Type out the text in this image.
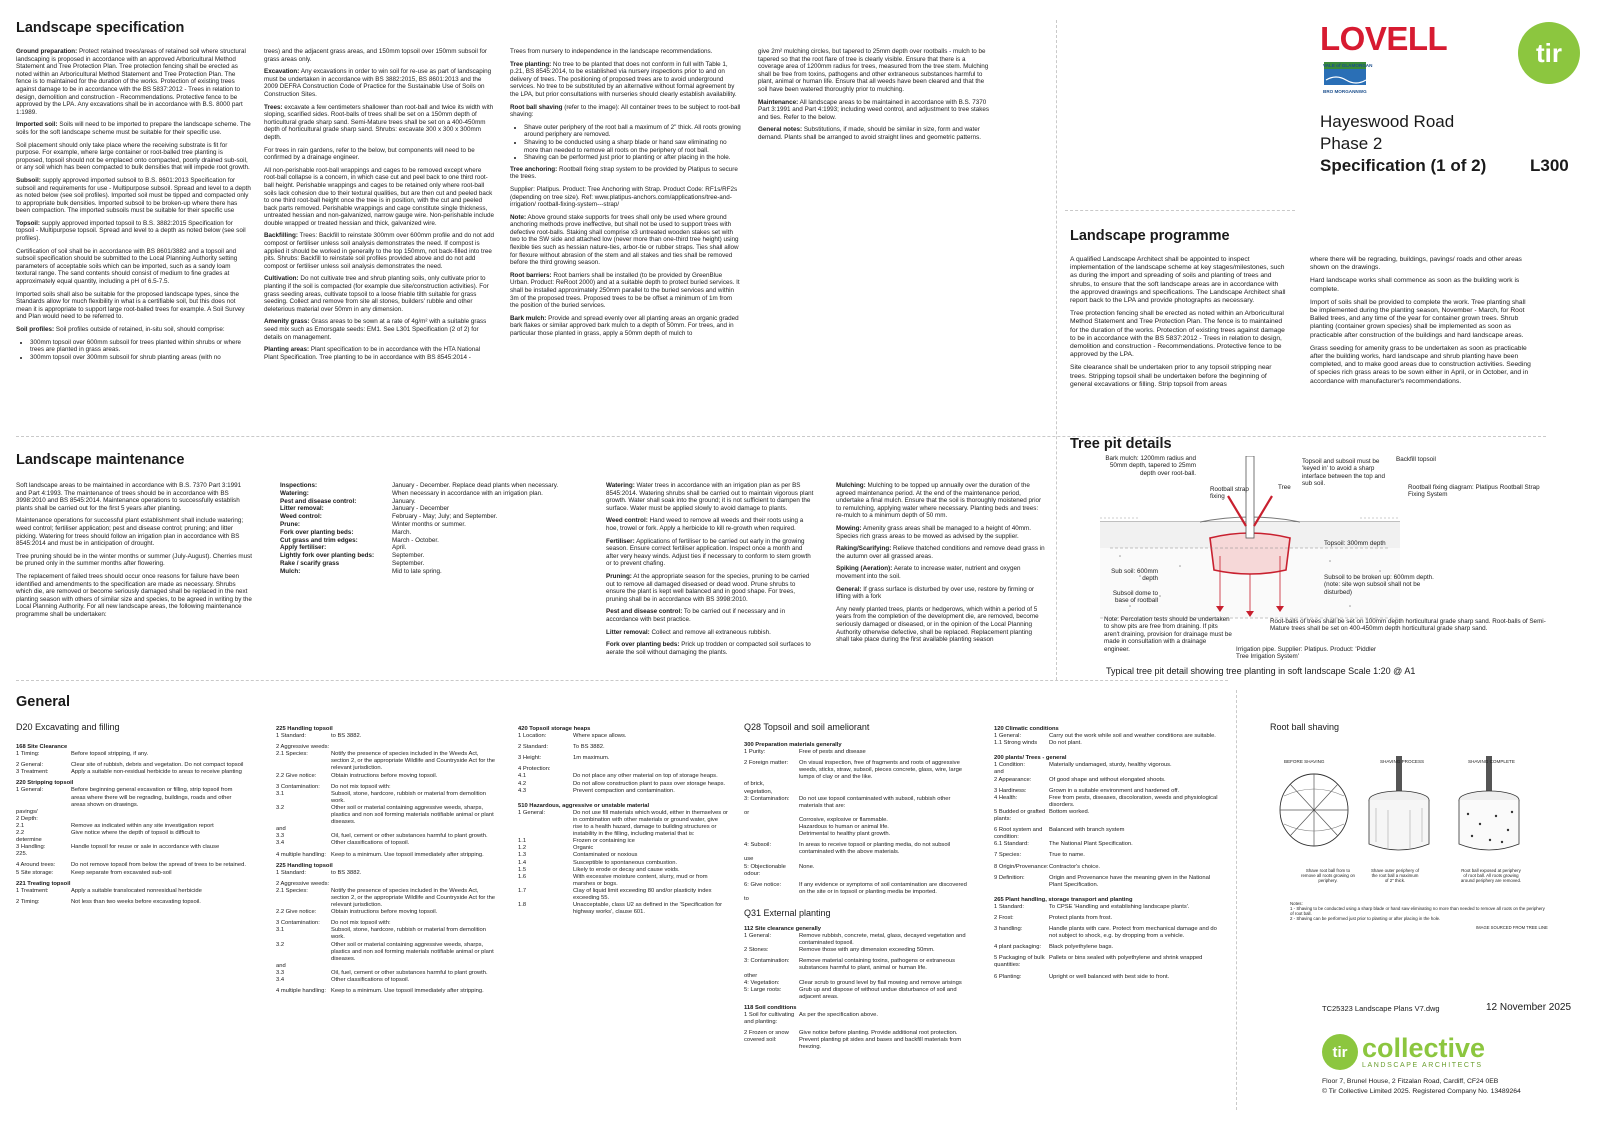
Landscape specification

Ground preparation: Protect retained trees/areas of retained soil where structural landscaping is proposed in accordance with an approved Arboricultural Method Statement and Tree Protection Plan. Tree protection fencing shall be erected as noted within an Arboricultural Method Statement and Tree Protection Plan. The fence is to maintained for the duration of the works. Protection of existing trees against damage to be in accordance with the BS 5837:2012 - Trees in relation to design, demolition and construction - Recommendations. Protective fence to be approved by the LPA. Any excavations shall be in accordance with B.S. 8000 part 1:1989.

Imported soil: Soils will need to be imported to prepare the landscape scheme. The soils for the soft landscape scheme must be suitable for their specific use.

Soil placement should only take place where the receiving substrate is fit for purpose. For example, where large container or root-balled tree planting is proposed, topsoil should not be emplaced onto compacted, poorly drained sub-soil, or any soil which has been compacted to bulk densities that will impede root growth.

Subsoil: supply approved imported subsoil to B.S. 8601:2013 Specification for subsoil and requirements for use - Multipurpose subsoil. Spread and level to a depth as noted below (see soil profiles). Imported soil must be tipped and compacted only to appropriate bulk densities. Imported subsoil to be broken-up where there has been compaction. The imported subsoils must be suitable for their specific use

Topsoil: supply approved imported topsoil to B.S. 3882:2015 Specification for topsoil - Multipurpose topsoil. Spread and level to a depth as noted below (see soil profiles).

Certification of soil shall be in accordance with BS 8601/3882 and a topsoil and subsoil specification should be submitted to the Local Planning Authority setting parameters of acceptable soils which can be imported, such as a sandy loam textural range. The sand contents should consist of medium to fine grades at approximately equal quantity, including a pH of 6.5-7.5.

Imported soils shall also be suitable for the proposed landscape types, since the Standards allow for much flexibility in what is a certifiable soil, but this does not mean it is appropriate to support large root-balled trees for example. A Soil Survey and Plan would need to be referred to.

Soil profiles: Soil profiles outside of retained, in-situ soil, should comprise:

• 300mm topsoil over 600mm subsoil for trees planted within shrubs or where trees are planted in grass areas.
• 300mm topsoil over 300mm subsoil for shrub planting areas (with no

trees) and the adjacent grass areas, and 150mm topsoil over 150mm subsoil for grass areas only.

Excavation: Any excavations in order to win soil for re-use as part of landscaping must be undertaken in accordance with BS 3882:2015, BS 8601:2013 and the 2009 DEFRA Construction Code of Practice for the Sustainable Use of Soils on Construction Sites.

Trees: excavate a few centimeters shallower than root-ball and twice its width with sloping, scarified sides. Root-balls of trees shall be set on a 150mm depth of horticultural grade sharp sand. Semi-Mature trees shall be set on a 400-450mm depth of horticultural grade sharp sand. Shrubs: excavate 300 x 300 x 300mm depth.

For trees in rain gardens, refer to the below, but components will need to be confirmed by a drainage engineer.

All non-perishable root-ball wrappings and cages to be removed except where root-ball collapse is a concern, in which case cut and peel back to one third root-ball height. Perishable wrappings and cages to be retained only where root-ball soils lack cohesion due to their textural qualities, but are then cut and peeled back to one third root-ball height once the tree is in position, with the cut and peeled back parts removed. Perishable wrappings and cage constitute single thickness, untreated hessian and non-galvanized, narrow gauge wire. Non-perishable include double wrapped or treated hessian and thick, galvanized wire.

Backfilling: Trees: Backfill to reinstate 300mm over 600mm profile and do not add compost or fertiliser unless soil analysis demonstrates the need. If compost is applied it should be worked in generally to the top 150mm, not back-filled into tree pits. Shrubs: Backfill to reinstate soil profiles provided above and do not add compost or fertiliser unless soil analysis demonstrates the need.

Cultivation: Do not cultivate tree and shrub planting soils, only cultivate prior to planting if the soil is compacted (for example due site/construction activities). For grass seeding areas, cultivate topsoil to a loose friable tilth suitable for grass seeding. Collect and remove from site all stones, builders' rubble and other deleterious material over 50mm in any dimension.

Amenity grass: Grass areas to be sown at a rate of 4g/m² with a suitable grass seed mix such as Emorsgate seeds: EM1. See L301 Specification (2 of 2) for details on management.

Planting areas: Plant specification to be in accordance with the HTA National Plant Specification. Tree planting to be in accordance with BS 8545:2014 -

Trees from nursery to independence in the landscape recommendations.

Tree planting: No tree to be planted that does not conform in full with Table 1, p.21, BS 8545:2014, to be established via nursery inspections prior to and on delivery of trees. The positioning of proposed trees are to avoid underground services. No tree to be substituted by an alternative without formal agreement by the LPA, but prior consultations with nurseries should clearly establish availability.

Root ball shaving (refer to the image): All container trees to be subject to root-ball shaving:

• Shave outer periphery of the root ball a maximum of 2" thick. All roots growing around periphery are removed.
• Shaving to be conducted using a sharp blade or hand saw eliminating no more than needed to remove all roots on the periphery of root ball.
• Shaving can be performed just prior to planting or after placing in the hole.

Tree anchoring: Rootball fixing strap system to be provided by Platipus to secure the trees.

Supplier: Platipus. Product: Tree Anchoring with Strap. Product Code: RF1s/RF2s (depending on tree size). Ref: www.platipus-anchors.com/applications/tree-and-irrigation/ rootball-fixing-system---strap/

Note: Above ground stake supports for trees shall only be used where ground anchoring methods prove ineffective, but shall not be used to support trees with defective root-balls. Staking shall comprise x3 untreated wooden stakes set with two to the SW side and attached low (never more than one-third tree height) using flexible ties such as hessian nature-ties, arbor-tie or rubber straps. Ties shall allow for flexure without abrasion of the stem and all stakes and ties shall be removed before the third growing season.

Root barriers: Root barriers shall be installed (to be provided by GreenBlue Urban. Product: ReRoot 2000) and at a suitable depth to protect buried services. It shall be installed approximately 250mm parallel to the buried services and within 3m of the proposed trees. Proposed trees to be be offset a minimum of 1m from the position of the buried services.

Bark mulch: Provide and spread evenly over all planting areas an organic graded bark flakes or similar approved bark mulch to a depth of 50mm. For trees, and in particular those planted in grass, apply a 50mm depth of mulch to

give 2m² mulching circles, but tapered to 25mm depth over rootballs - mulch to be tapered so that the root flare of tree is clearly visible. Ensure that there is a coverage area of 1200mm radius for trees, measured from the tree stem. Mulching shall be free from toxins, pathogens and other extraneous substances harmful to plant, animal or human life. Ensure that all weeds have been cleared and that the soil have been watered thoroughly prior to mulching.

Maintenance: All landscape areas to be maintained in accordance with B.S. 7370 Part 3:1991 and Part 4:1993; including weed control, and adjustment to tree stakes and ties. Refer to the below.

General notes: Substitutions, if made, should be similar in size, form and water demand. Plants shall be arranged to avoid straight lines and geometric patterns.

Landscape programme

A qualified Landscape Architect shall be appointed to inspect implementation of the landscape scheme at key stages/milestones, such as during the import and spreading of soils and planting of trees and shrubs, to ensure that the soft landscape areas are in accordance with the approved drawings and specifications. The Landscape Architect shall report back to the LPA and provide photographs as necessary.

Tree protection fencing shall be erected as noted within an Arboricultural Method Statement and Tree Protection Plan. The fence is to maintained for the duration of the works. Protection of existing trees against damage to be in accordance with the BS 5837:2012 - Trees in relation to design, demolition and construction - Recommendations. Protective fence to be approved by the LPA.

Site clearance shall be undertaken prior to any topsoil stripping near trees. Stripping topsoil shall be undertaken before the beginning of general excavations or filling. Strip topsoil from areas

where there will be regrading, buildings, pavings/ roads and other areas shown on the drawings.

Hard landscape works shall commence as soon as the building work is complete.

Import of soils shall be provided to complete the work. Tree planting shall be implemented during the planting season, November - March, for Root Balled trees, and any time of the year for container grown trees. Shrub planting (container grown species) shall be implemented as soon as practicable after construction of the buildings and hard landscape areas.

Grass seeding for amenity grass to be undertaken as soon as practicable after the building works, hard landscape and shrub planting have been completed, and to make good areas due to construction activities. Seeding of species rich grass areas to be sown either in April, or in October, and in accordance with manufacturer's recommendations.

Landscape maintenance

Soft landscape areas to be maintained in accordance with B.S. 7370 Part 3:1991 and Part 4:1993. The maintenance of trees should be in accordance with BS 3998:2010 and BS 8545:2014. Maintenance operations to successfully establish plants shall be carried out for the first 5 years after planting.

Maintenance operations for successful plant establishment shall include watering; weed control; fertiliser application; pest and disease control; pruning; and litter picking. Watering for trees should follow an irrigation plan in accordance with BS 8545:2014 and must be in anticipation of drought.

Tree pruning should be in the winter months or summer (July-August). Cherries must be pruned only in the summer months after flowering.

The replacement of failed trees should occur once reasons for failure have been identified and amendments to the specification are made as necessary. Shrubs which die, are removed or become seriously damaged shall be replaced in the next planting season with others of similar size and species, to be agreed in writing by the Local Planning Authority. For all new landscape areas, the following maintenance programme shall be undertaken:

Inspections:	January - December. Replace dead plants when necessary.
Watering:	When necessary in accordance with an irrigation plan.
Pest and disease control:	January.
Litter removal:	January - December
Weed control:	February - May; July; and September.
Prune:	Winter months or summer.
Fork over planting beds:	March.
Cut grass and trim edges:	March - October.
Apply fertiliser:	April.
Lightly fork over planting beds:	September.
Rake / scarify grass	September.
Mulch:	Mid to late spring.

Watering: Water trees in accordance with an irrigation plan as per BS 8545:2014. Watering shrubs shall be carried out to maintain vigorous plant growth. Water shall soak into the ground; it is not sufficient to dampen the surface. Water must be applied slowly to avoid damage to plants.

Weed control: Hand weed to remove all weeds and their roots using a hoe, trowel or fork. Apply a herbicide to kill re-growth when required.

Fertiliser: Applications of fertiliser to be carried out early in the growing season. Ensure correct fertiliser application. Inspect once a month and after very heavy winds. Adjust ties if necessary to conform to stem growth or to prevent chafing.

Pruning: At the appropriate season for the species, pruning to be carried out to remove all damaged diseased or dead wood. Prune shrubs to ensure the plant is kept well balanced and in good shape. For trees, pruning shall be in accordance with BS 3998:2010.

Pest and disease control: To be carried out if necessary and in accordance with best practice.

Litter removal: Collect and remove all extraneous rubbish.

Fork over planting beds: Prick up trodden or compacted soil surfaces to aerate the soil without damaging the plants.

Mulching: Mulching to be topped up annually over the duration of the agreed maintenance period. At the end of the maintenance period, undertake a final mulch. Ensure that the soil is thoroughly moistened prior to remulching, applying water where necessary. Planting beds and trees: re-mulch to a minimum depth of 50 mm.

Mowing: Amenity grass areas shall be managed to a height of 40mm. Species rich grass areas to be mowed as advised by the supplier.

Raking/Scarifying: Relieve thatched conditions and remove dead grass in the autumn over all grassed areas.

Spiking (Aeration): Aerate to increase water, nutrient and oxygen movement into the soil.

General: If grass surface is disturbed by over use, restore by firming or lifting with a fork

Any newly planted trees, plants or hedgerows, which within a period of 5 years from the completion of the development die, are removed, become seriously damaged or diseased, or in the opinion of the Local Planning Authority otherwise defective, shall be replaced. Replacement planting shall take place during the first available planting season

Tree pit details
Bark mulch: 1200mm radius and 50mm depth, tapered to 25mm depth over root-ball.
Rootball strap fixing
Tree
Topsoil and subsoil must be 'keyed in' to avoid a sharp interface between the top and sub soil.
Backfill topsoil
Rootball fixing diagram: Platipus Rootball Strap Fixing System
Topsoil: 300mm depth
Sub soil: 600mm depth
Subsoil dome to base of rootball
Subsoil to be broken up: 600mm depth. (note: site won subsoil shall not be disturbed)
Note: Percolation tests should be undertaken to show pits are free from draining. If pits aren't draining, provision for drainage must be made in consultation with a drainage engineer.
Root-balls of trees shall be set on 100mm depth horticultural grade sharp sand. Root-balls of Semi-Mature trees shall be set on 400-450mm depth horticultural grade sharp sand.
Irrigation pipe. Supplier: Platipus. Product: 'Piddler Tree Irrigation System'
Typical tree pit detail showing tree planting in soft landscape Scale 1:20 @ A1
General
D20 Excavating and filling
168 Site Clearance
1 Timing:	Before topsoil stripping, if any.
2 General:	Clear site of rubbish, debris and vegetation. Do not compact topsoil
3 Treatment:	Apply a suitable non-residual herbicide to areas to receive planting
220 Stripping topsoil
1 General:	Before beginning general excavation or filling, strip topsoil from areas where there will be regrading, buildings, roads and other areas shown on drawings.
pavings/
2 Depth:
2.1	Remove as indicated within any site investigation report
2.2	Give notice where the depth of topsoil is difficult to
determine
3 Handling:	Handle topsoil for reuse or sale in accordance with clause
225.
4 Around trees:	Do not remove topsoil from below the spread of trees to be retained.
5 Site storage:	Keep separate from excavated sub-soil
221 Treating topsoil
1 Treatment:	Apply a suitable translocated nonresidual herbicide
2 Timing:	Not less than two weeks before excavating topsoil.
225 Handling topsoil
1 Standard:	to BS 3882.
2 Aggressive weeds:
2.1 Species:	Notify the presence of species included in the Weeds Act, section 2, or the appropriate Wildlife and Countryside Act for the relevant jurisdiction.
2.2 Give notice:	Obtain instructions before moving topsoil.
3 Contamination:	Do not mix topsoil with:
3.1	Subsoil, stone, hardcore, rubbish or material from demolition work.
3.2	Other soil or material containing aggressive weeds, sharps, plastics and non soil forming materials notifiable animal or plant diseases.
and
3.3	Oil, fuel, cement or other substances harmful to plant growth.
3.4	Other classifications of topsoil.
4 multiple handling: Keep to a minimum. Use topsoil immediately after stripping.
225 Handling topsoil
1 Standard:	to BS 3882.
2 Aggressive weeds:
2.1 Species:	Notify the presence of species included in the Weeds Act, section 2, or the appropriate Wildlife and Countryside Act for the relevant jurisdiction.
2.2 Give notice:	Obtain instructions before moving topsoil.
3 Contamination:	Do not mix topsoil with:
3.1	Subsoil, stone, hardcore, rubbish or material from demolition work.
3.2	Other soil or material containing aggressive weeds, sharps, plastics and non soil forming materials notifiable animal or plant diseases.
and
3.3	Oil, fuel, cement or other substances harmful to plant growth.
3.4	Other classifications of topsoil.
4 multiple handling: Keep to a minimum. Use topsoil immediately after stripping.
420 Topsoil storage heaps
1 Location:	Where space allows.
2 Standard:	To BS 3882.
3 Height:	1m maximum.
4 Protection:
4.1	Do not place any other material on top of storage heaps.
4.2	Do not allow construction plant to pass over storage heaps.
4.3	Prevent compaction and contamination.
510 Hazardous, aggressive or unstable material
1 General:	Do not use fill materials which would, either in themselves or in combination with other materials or ground water, give rise to a health hazard, damage to building structures or instability in the filling, including material that is:
1.1	Frozen or containing ice
1.2	Organic
1.3	Contaminated or noxious
1.4	Susceptible to spontaneous combustion.
1.5	Likely to erode or decay and cause voids.
1.6	With excessive moisture content, slurry, mud or from marshes or bogs.
1.7	Clay of liquid limit exceeding 80 and/or plasticity index exceeding 55.
1.8	Unacceptable, class U2 as defined in the 'Specification for highway works', clause 601.
Q28 Topsoil and soil ameliorant
300 Preparation materials generally
1 Purity:	Free of pests and disease
2 Foreign matter:	On visual inspection, free of fragments and roots of aggressive weeds, sticks, straw, subsoil, pieces concrete, glass, wire, large lumps of clay or and the like.
of brick,
vegetation,
3: Contamination:	Do not use topsoil contaminated with subsoil, rubbish other materials that are:
or
Corrosive, explosive or flammable.
Hazardous to human or animal life.
Detrimental to healthy plant growth.
4: Subsoil:	In areas to receive topsoil or planting media, do not subsoil contaminated with the above materials.
use
5: Objectionable odour:
None.
6: Give notice:	If any evidence or symptoms of soil contamination are discovered on the site or in topsoil or planting media be imported.
to
Q31 External planting
112 Site clearance generally
1 General:	Remove rubbish, concrete, metal, glass, decayed vegetation and contaminated topsoil.
2 Stones:	Remove those with any dimension exceeding 50mm.
3: Contamination:	Remove material containing toxins, pathogens or extraneous substances harmful to plant, animal or human life.
other
4: Vegetation:	Clear scrub to ground level by flail mowing and remove arisings
5: Large roots:	Grub up and dispose of without undue disturbance of soil and adjacent areas.
118 Soil conditions
1 Soil for cultivating and planting:
As per the specification above.
2 Frozen or snow covered soil:
Give notice before planting. Provide additional root protection. Prevent planting pit sides and bases and backfill materials from freezing.
120 Climatic conditions
1 General:	Carry out the work while soil and weather conditions are suitable.
1.1 Strong winds	Do not plant.
200 plants/ Trees - general
1 Condition:	Materially undamaged, sturdy, healthy vigorous.
and
2 Appearance:	Of good shape and without elongated shoots.
3 Hardiness:	Grown in a suitable environment and hardened off.
4 Health:	Free from pests, diseases, discoloration, weeds and physiological disorders.
5 Budded or grafted plants:
Bottom worked.
6 Root system and condition:
Balanced with branch system
6.1 Standard:	The National Plant Specification.
7 Species:	True to name.
8 Origin/Provenance: Contractor's choice.
9 Definition:	Origin and Provenance have the meaning given in the National Plant Specification.
265 Plant handling, storage transport and planting
1 Standard:	To CPSE 'Handling and establishing landscape plants'.
2 Frost:	Protect plants from frost.
3 handling:	Handle plants with care. Protect from mechanical damage and do not subject to shock, e.g. by dropping from a vehicle.
4 plant packaging:	Black polyethylene bags.
5 Packaging of bulk quantities:
Pallets or bins sealed with polyethylene and shrink wrapped
6 Planting:	Upright or well balanced with best side to front.
Root ball shaving
BEFORE SHAVING	SHAVING PROCESS	SHAVING COMPLETE
Shave root ball from to remove all roots growing on periphery.
Shave outer periphery of the root ball a maximum of 2" thick.
Root ball exposed at periphery of root ball. All roots growing around periphery are removed.
Notes:
1 - Shaving to be conducted using a sharp blade or hand saw eliminating no more than needed to remove all roots on the periphery of root ball.
2 - Shaving can be performed just prior to planting or after placing in the hole.
IMAGE SOURCED FROM TREE LINE
LOVELL	tir
VALE of GLAMORGAN
BRO MORGANNWG
Hayeswood Road
Phase 2
Specification (1 of 2)	L300
TC25323 Landscape Plans V7.dwg	12 November 2025
tir collective
LANDSCAPE ARCHITECTS
Floor 7, Brunel House, 2 Fitzalan Road, Cardiff, CF24 0EB
© Tir Collective Limited 2025. Registered Company No. 13489264
